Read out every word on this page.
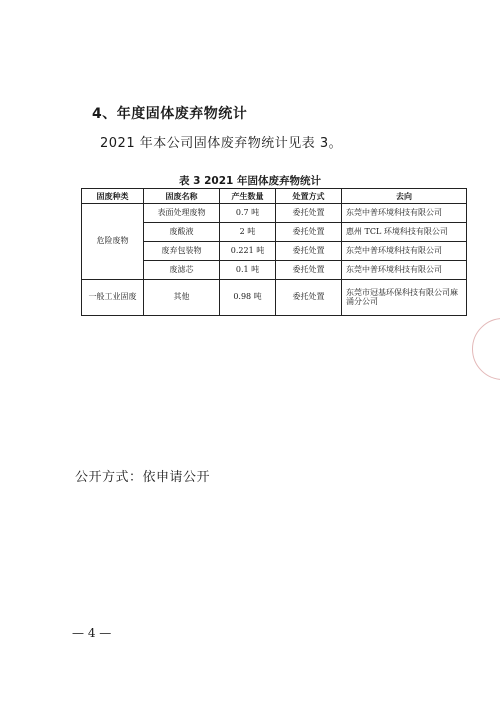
4、年度固体废弃物统计
2021 年本公司固体废弃物统计见表 3。
表 3 2021 年固体废弃物统计
固废种类	固废名称	产生数量	处置方式	去向
危险废物	表面处理废物	0.7 吨	委托处置	东莞中普环境科技有限公司
	废酸液	2 吨	委托处置	惠州 TCL 环境科技有限公司
	废弃包装物	0.221 吨	委托处置	东莞中普环境科技有限公司
	废滤芯	0.1 吨	委托处置	东莞中普环境科技有限公司
一般工业固废	其他	0.98 吨	委托处置	东莞市冠基环保科技有限公司麻涌分公司
公开方式：依申请公开
— 4 —
